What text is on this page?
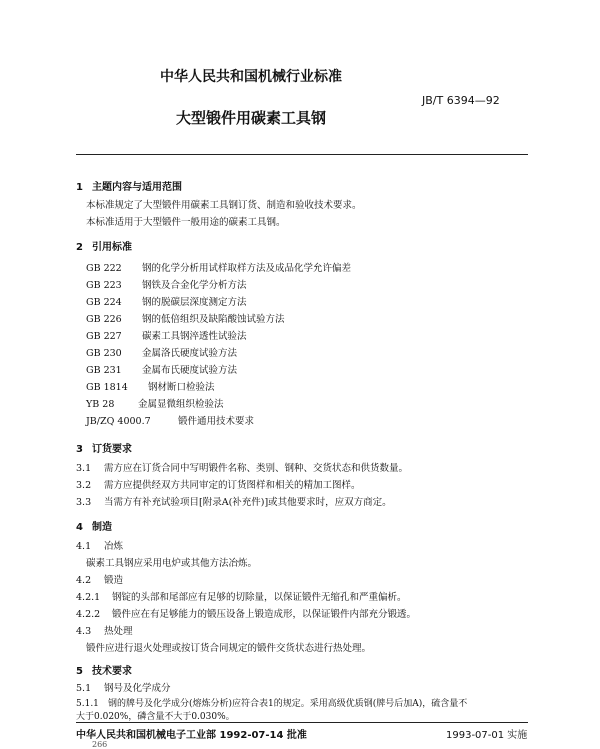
中华人民共和国机械行业标准
JB/T 6394—92
大型锻件用碳素工具钢
1 主题内容与适用范围
本标准规定了大型锻件用碳素工具钢订货、制造和验收技术要求。
本标准适用于大型锻件一般用途的碳素工具钢。
2 引用标准
GB 222 钢的化学分析用试样取样方法及成品化学允许偏差
GB 223 钢铁及合金化学分析方法
GB 224 钢的脱碳层深度测定方法
GB 226 钢的低倍组织及缺陷酸蚀试验方法
GB 227 碳素工具钢淬透性试验法
GB 230 金属洛氏硬度试验方法
GB 231 金属布氏硬度试验方法
GB 1814 钢材断口检验法
YB 28 金属显微组织检验法
JB/ZQ 4000.7	锻件通用技术要求
3 订货要求
3.1 需方应在订货合同中写明锻件名称、类别、钢种、交货状态和供货数量。
3.2 需方应提供经双方共同审定的订货图样和相关的精加工图样。
3.3 当需方有补充试验项目[附录A(补充件)]或其他要求时，应双方商定。
4 制造
4.1 冶炼
碳素工具钢应采用电炉或其他方法冶炼。
4.2 锻造
4.2.1 钢锭的头部和尾部应有足够的切除量，以保证锻件无缩孔和严重偏析。
4.2.2 锻件应在有足够能力的锻压设备上锻造成形，以保证锻件内部充分锻透。
4.3 热处理
锻件应进行退火处理或按订货合同规定的锻件交货状态进行热处理。
5 技术要求
5.1 钢号及化学成分
5.1.1 钢的牌号及化学成分(熔炼分析)应符合表1的规定。采用高级优质钢(牌号后加A)，硫含量不
大于0.020%，磷含量不大于0.030%。
中华人民共和国机械电子工业部 1992-07-14 批准	1993-07-01 实施
266
